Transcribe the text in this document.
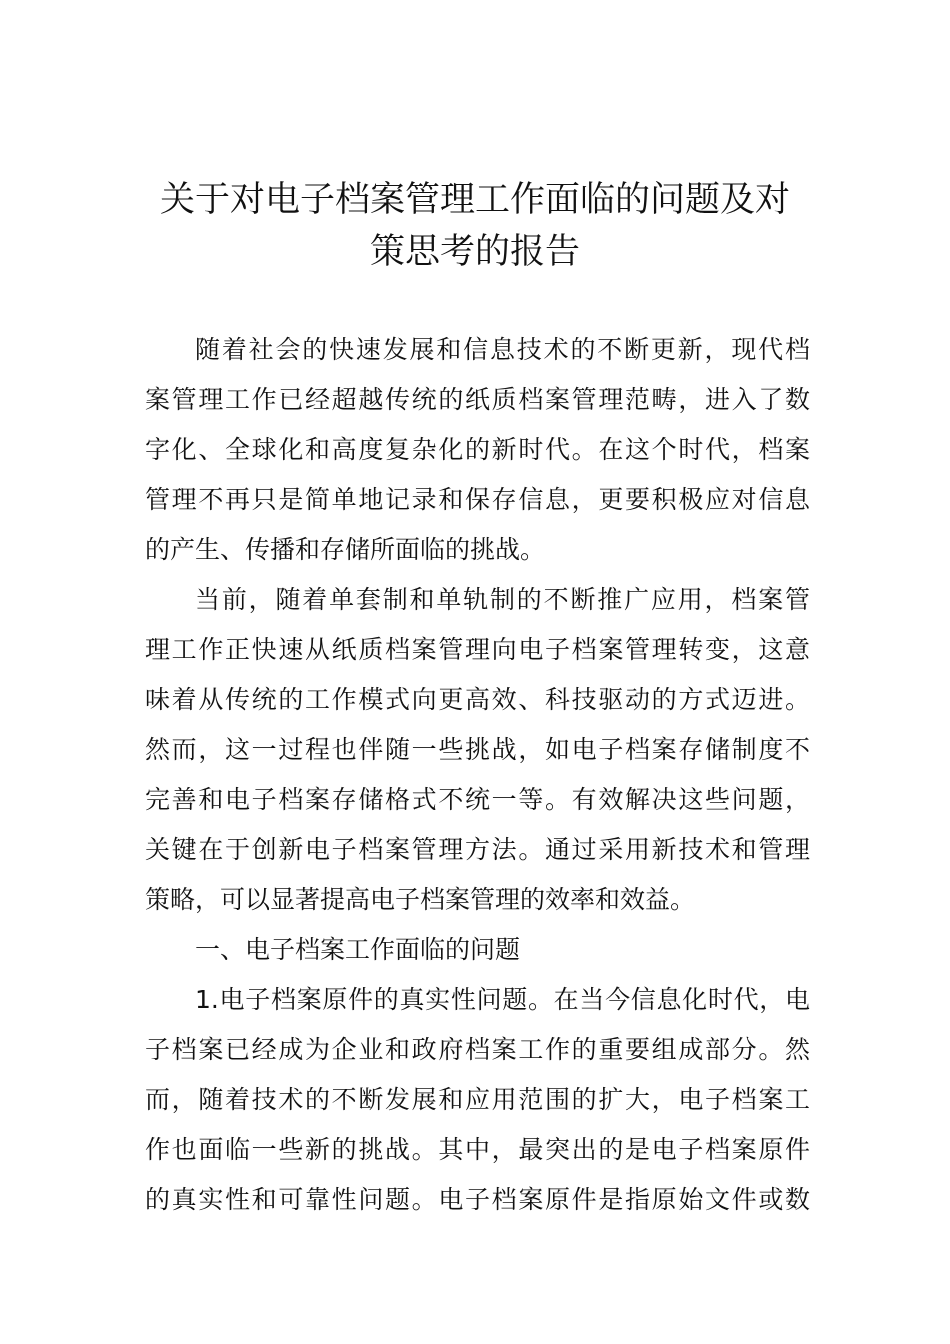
关于对电子档案管理工作面临的问题及对
策思考的报告
随着社会的快速发展和信息技术的不断更新，现代档
案管理工作已经超越传统的纸质档案管理范畴，进入了数
字化、全球化和高度复杂化的新时代。在这个时代，档案
管理不再只是简单地记录和保存信息，更要积极应对信息
的产生、传播和存储所面临的挑战。
当前，随着单套制和单轨制的不断推广应用，档案管
理工作正快速从纸质档案管理向电子档案管理转变，这意
味着从传统的工作模式向更高效、科技驱动的方式迈进。
然而，这一过程也伴随一些挑战，如电子档案存储制度不
完善和电子档案存储格式不统一等。有效解决这些问题，
关键在于创新电子档案管理方法。通过采用新技术和管理
策略，可以显著提高电子档案管理的效率和效益。
一、电子档案工作面临的问题
1.电子档案原件的真实性问题。在当今信息化时代，电
子档案已经成为企业和政府档案工作的重要组成部分。然
而，随着技术的不断发展和应用范围的扩大，电子档案工
作也面临一些新的挑战。其中，最突出的是电子档案原件
的真实性和可靠性问题。电子档案原件是指原始文件或数
